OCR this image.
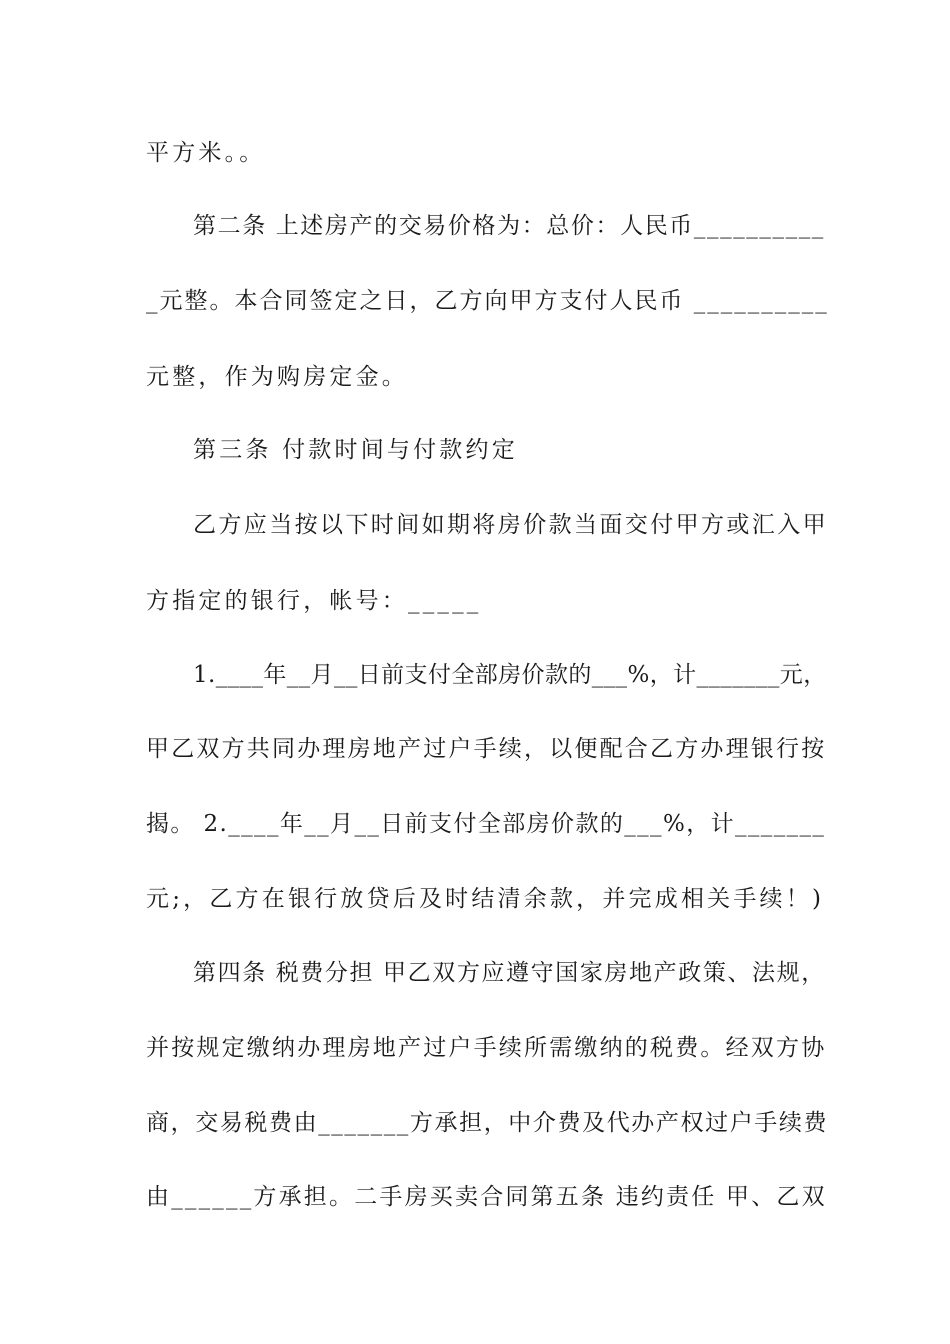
平方米。。

第二条 上述房产的交易价格为：总价：人民币__________

_元整。本合同签定之日，乙方向甲方支付人民币 __________

元整，作为购房定金。

第三条 付款时间与付款约定

乙方应当按以下时间如期将房价款当面交付甲方或汇入甲

方指定的银行，帐号：_____

1.____年__月__日前支付全部房价款的___%，计_______元，

甲乙双方共同办理房地产过户手续，以便配合乙方办理银行按

揭。 2.____年__月__日前支付全部房价款的___%，计_______

元;，乙方在银行放贷后及时结清余款，并完成相关手续！)

第四条 税费分担 甲乙双方应遵守国家房地产政策、法规，

并按规定缴纳办理房地产过户手续所需缴纳的税费。经双方协

商，交易税费由_______方承担，中介费及代办产权过户手续费

由______方承担。二手房买卖合同第五条 违约责任 甲、乙双
